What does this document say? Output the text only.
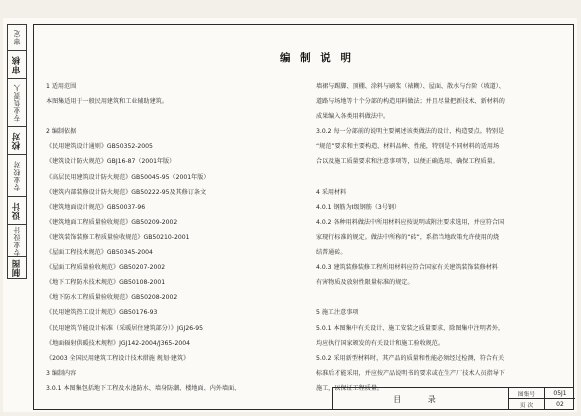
审定
审核
专业负责人
校对
专业校对
设计
专业设计
制图
编 制 说 明
1 适用范围
本图集适用于一般民用建筑和工业辅助建筑。
2 编制依据
《民用建筑设计通则》GB50352-2005
《建筑设计防火规范》GBJ16-87（2001年版）
《高层民用建筑设计防火规范》GB50045-95（2001年版）
《建筑内部装修设计防火规范》GB50222-95及其修订条文
《建筑地面设计规范》GB50037-96
《建筑地面工程质量验收规范》GB50209-2002
《建筑装饰装修工程质量验收规范》GB50210-2001
《屋面工程技术规范》GB50345-2004
《屋面工程质量验收规范》GB50207-2002
《地下工程防水技术规范》GB50108-2001
《地下防水工程质量验收规范》GB50208-2002
《民用建筑热工设计规范》GB50176-93
《民用建筑节能设计标准（采暖居住建筑部分）》JGJ26-95
《地面辐射供暖技术规程》JGJ142-2004/J365-2004
《2003 全国民用建筑工程设计技术措施 规划·建筑》
3 编制内容
3.0.1 本图集包括地下工程及水池防水、墙身防潮、楼地面、内外墙面、
墙裙与踢脚、顶棚、涂料与刷浆（裱糊）、屋面、散水与台阶（坡道）、
道路与场地等十个分部的构造用料做法；并且尽量把新技术、新材料的
成果编入各类用料做法中。
3.0.2 每一分部前的说明主要阐述该类做法的设计、构造要点。特别是
“规范”要求和主要构造、材料品种、性能，特别是不同材料的适用场
合以及施工质量要求和注意事项等，以便正确选用、确保工程质量。
4 采用材料
4.0.1 钢筋为Ⅰ级钢筋（3号钢）
4.0.2 各种用料做法中所用材料应按说明或附注要求选用，并应符合国
家现行标准的规定。做法中所称的“砖”，系指当地政策允许使用的烧
结普通砖。
4.0.3 建筑装修装修工程所用材料应符合国家有关建筑装饰装修材料
有害物质及放射性限量标准的规定。
5 施工注意事项
5.0.1 本图集中有关设计、施工安装之质量要求，除图集中注明者外，
均应执行国家颁发的有关设计和施工验收规范。
5.0.2 采用新型材料时，其产品的质量和性能必须经过检测，符合有关
标准后才能采用，并应按产品说明书的要求或在生产厂技术人员指导下
施工，以保证工程质量。
目 录	图集号	05J1
页 次	02
